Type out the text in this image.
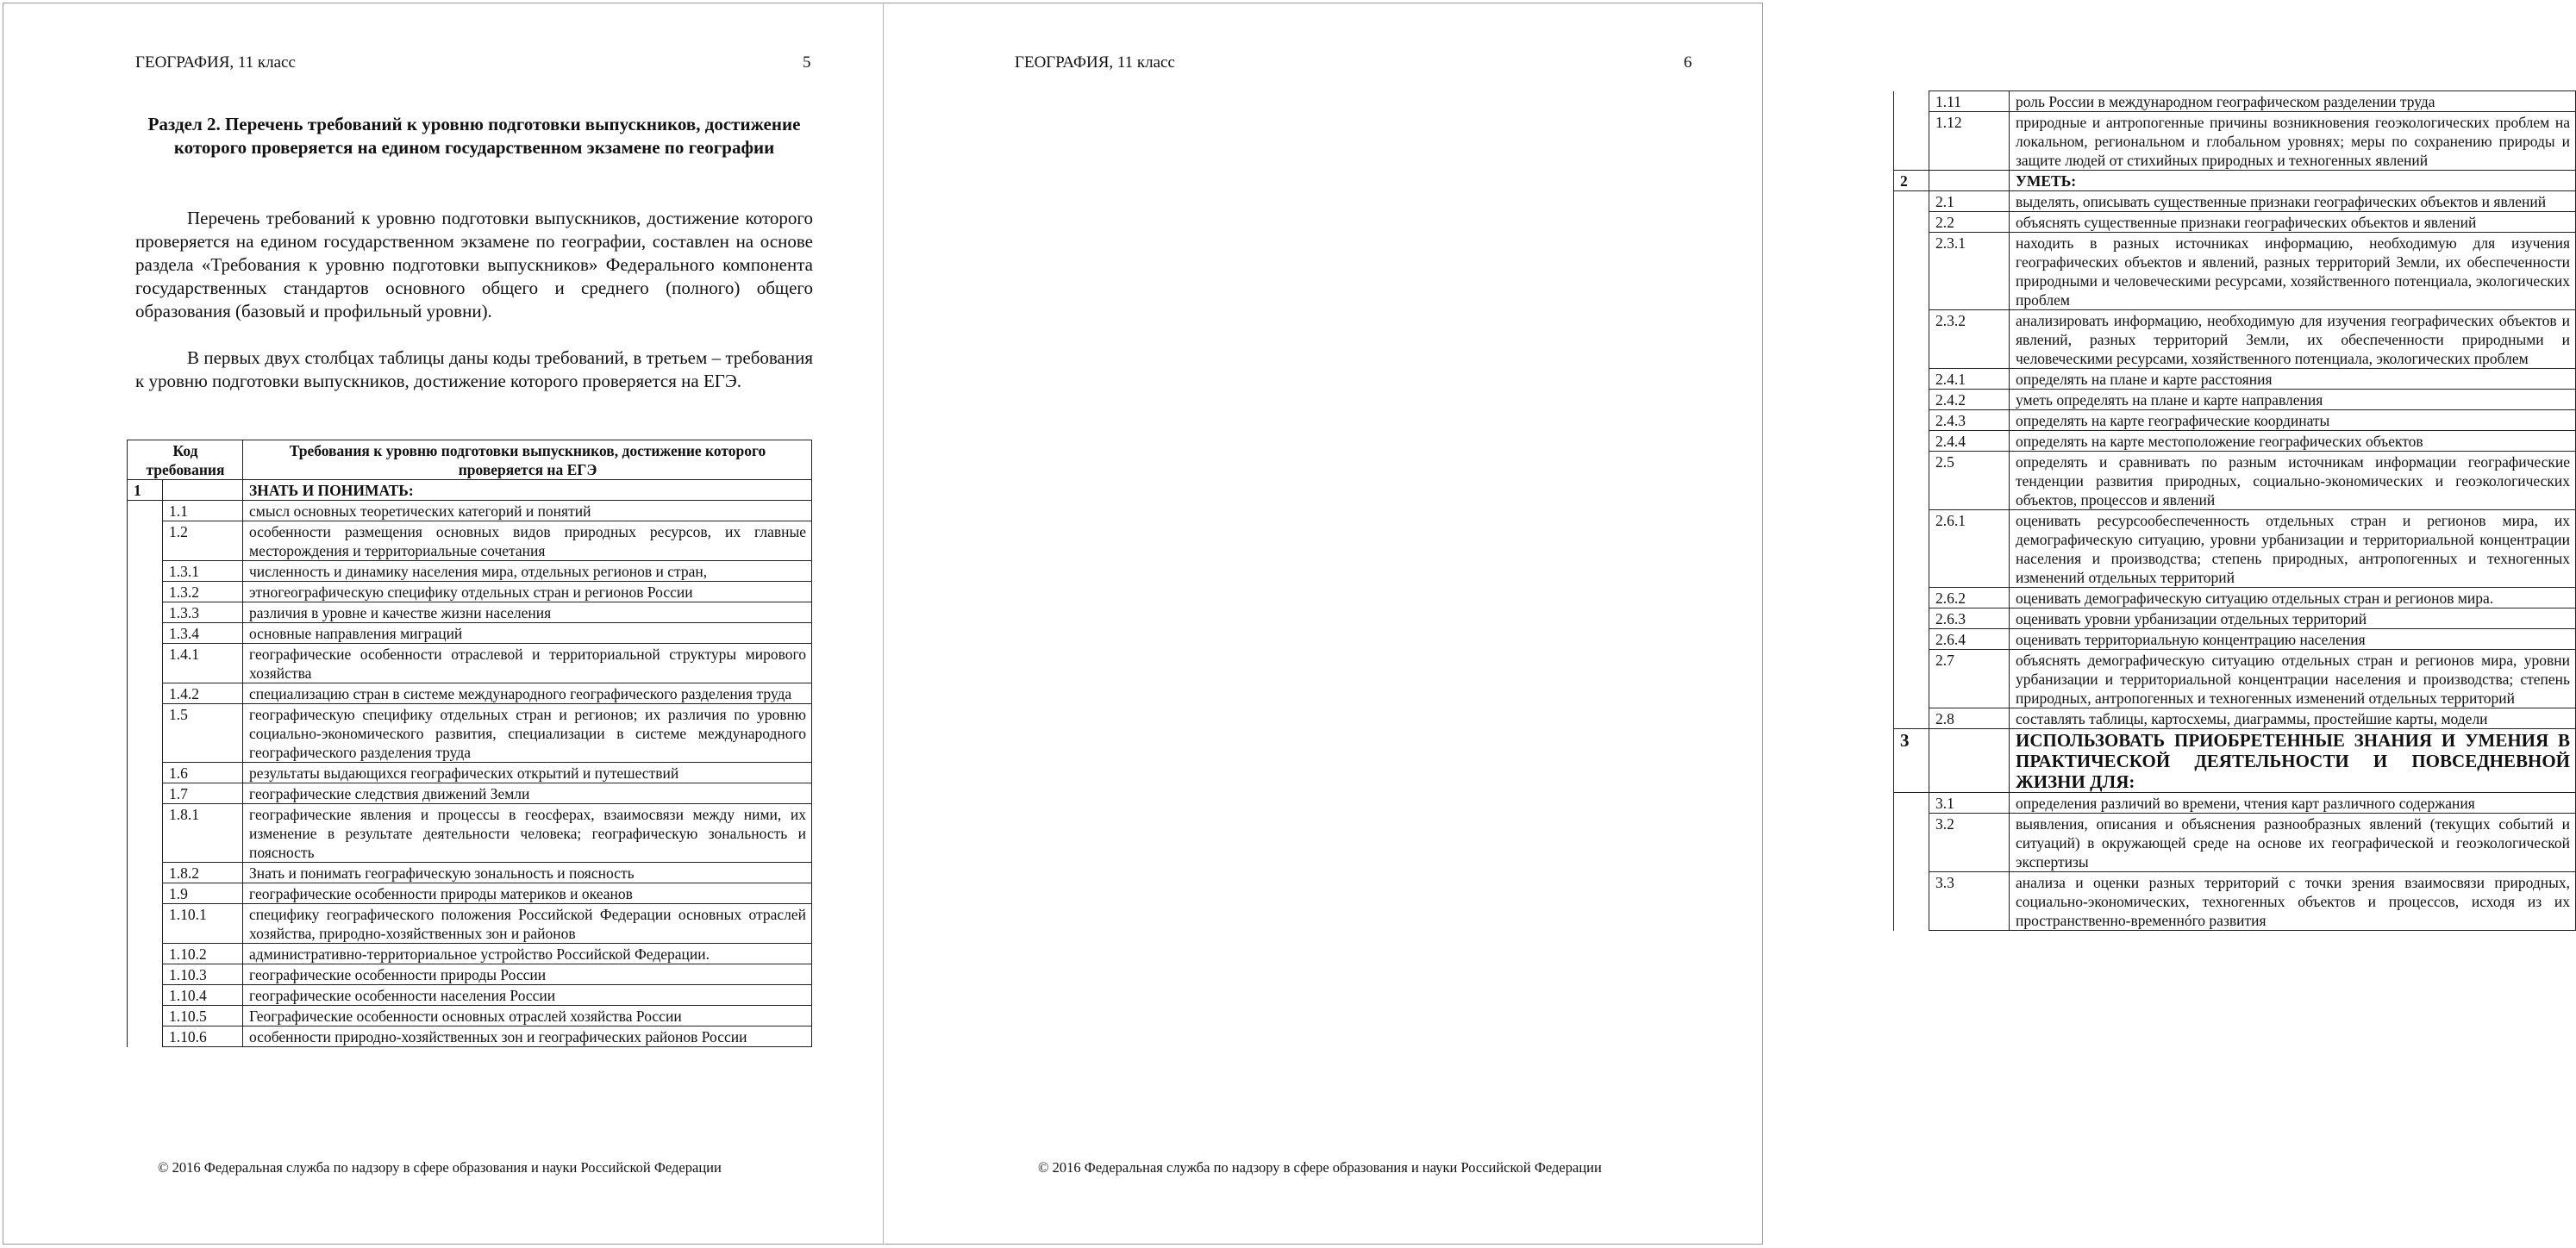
ГЕОГРАФИЯ, 11 класс	5
Раздел 2. Перечень требований к уровню подготовки выпускников, достижение которого проверяется на едином государственном экзамене по географии

Перечень требований к уровню подготовки выпускников, достижение которого проверяется на едином государственном экзамене по географии, составлен на основе раздела «Требования к уровню подготовки выпускников» Федерального компонента государственных стандартов основного общего и среднего (полного) общего образования (базовый и профильный уровни).

В первых двух столбцах таблицы даны коды требований, в третьем – требования к уровню подготовки выпускников, достижение которого проверяется на ЕГЭ.

Код требования		Требования к уровню подготовки выпускников, достижение которого проверяется на ЕГЭ
1		ЗНАТЬ И ПОНИМАТЬ:
	1.1	смысл основных теоретических категорий и понятий
	1.2	особенности размещения основных видов природных ресурсов, их главные месторождения и территориальные сочетания
	1.3.1	численность и динамику населения мира, отдельных регионов и стран,
	1.3.2	этногеографическую специфику отдельных стран и регионов России
	1.3.3	различия в уровне и качестве жизни населения
	1.3.4	основные направления миграций
	1.4.1	географические особенности отраслевой и территориальной структуры мирового хозяйства
	1.4.2	специализацию стран в системе международного географического разделения труда
	1.5	географическую специфику отдельных стран и регионов; их различия по уровню социально-экономического развития, специализации в системе международного географического разделения труда
	1.6	результаты выдающихся географических открытий и путешествий
	1.7	географические следствия движений Земли
	1.8.1	географические явления и процессы в геосферах, взаимосвязи между ними, их изменение в результате деятельности человека; географическую зональность и поясность
	1.8.2	Знать и понимать географическую зональность и поясность
	1.9	географические особенности природы материков и океанов
	1.10.1	специфику географического положения Российской Федерации основных отраслей хозяйства, природно-хозяйственных зон и районов
	1.10.2	административно-территориальное устройство Российской Федерации.
	1.10.3	географические особенности природы России
	1.10.4	географические особенности населения России
	1.10.5	Географические особенности основных отраслей хозяйства России
	1.10.6	особенности природно-хозяйственных зон и географических районов России
© 2016 Федеральная служба по надзору в сфере образования и науки Российской Федерации
ГЕОГРАФИЯ, 11 класс	6
	1.11	роль России в международном географическом разделении труда
	1.12	природные и антропогенные причины возникновения геоэкологических проблем на локальном, региональном и глобальном уровнях; меры по сохранению природы и защите людей от стихийных природных и техногенных явлений
2		УМЕТЬ:
	2.1	выделять, описывать существенные признаки географических объектов и явлений
	2.2	объяснять существенные признаки географических объектов и явлений
	2.3.1	находить в разных источниках информацию, необходимую для изучения географических объектов и явлений, разных территорий Земли, их обеспеченности природными и человеческими ресурсами, хозяйственного потенциала, экологических проблем
	2.3.2	анализировать информацию, необходимую для изучения географических объектов и явлений, разных территорий Земли, их обеспеченности природными и человеческими ресурсами, хозяйственного потенциала, экологических проблем
	2.4.1	определять на плане и карте расстояния
	2.4.2	уметь определять на плане и карте направления
	2.4.3	определять на карте географические координаты
	2.4.4	определять на карте местоположение географических объектов
	2.5	определять и сравнивать по разным источникам информации географические тенденции развития природных, социально-экономических и геоэкологических объектов, процессов и явлений
	2.6.1	оценивать ресурсообеспеченность отдельных стран и регионов мира, их демографическую ситуацию, уровни урбанизации и территориальной концентрации населения и производства; степень природных, антропогенных и техногенных изменений отдельных территорий
	2.6.2	оценивать демографическую ситуацию отдельных стран и регионов мира.
	2.6.3	оценивать уровни урбанизации отдельных территорий
	2.6.4	оценивать территориальную концентрацию населения
	2.7	объяснять демографическую ситуацию отдельных стран и регионов мира, уровни урбанизации и территориальной концентрации населения и производства; степень природных, антропогенных и техногенных изменений отдельных территорий
	2.8	составлять таблицы, картосхемы, диаграммы, простейшие карты, модели
3		ИСПОЛЬЗОВАТЬ ПРИОБРЕТЕННЫЕ ЗНАНИЯ И УМЕНИЯ В ПРАКТИЧЕСКОЙ ДЕЯТЕЛЬНОСТИ И ПОВСЕДНЕВНОЙ ЖИЗНИ ДЛЯ:
	3.1	определения различий во времени, чтения карт различного содержания
	3.2	выявления, описания и объяснения разнообразных явлений (текущих событий и ситуаций) в окружающей среде на основе их географической и геоэкологической экспертизы
	3.3	анализа и оценки разных территорий с точки зрения взаимосвязи природных, социально-экономических, техногенных объектов и процессов, исходя из их пространственно-временнóго развития
© 2016 Федеральная служба по надзору в сфере образования и науки Российской Федерации
